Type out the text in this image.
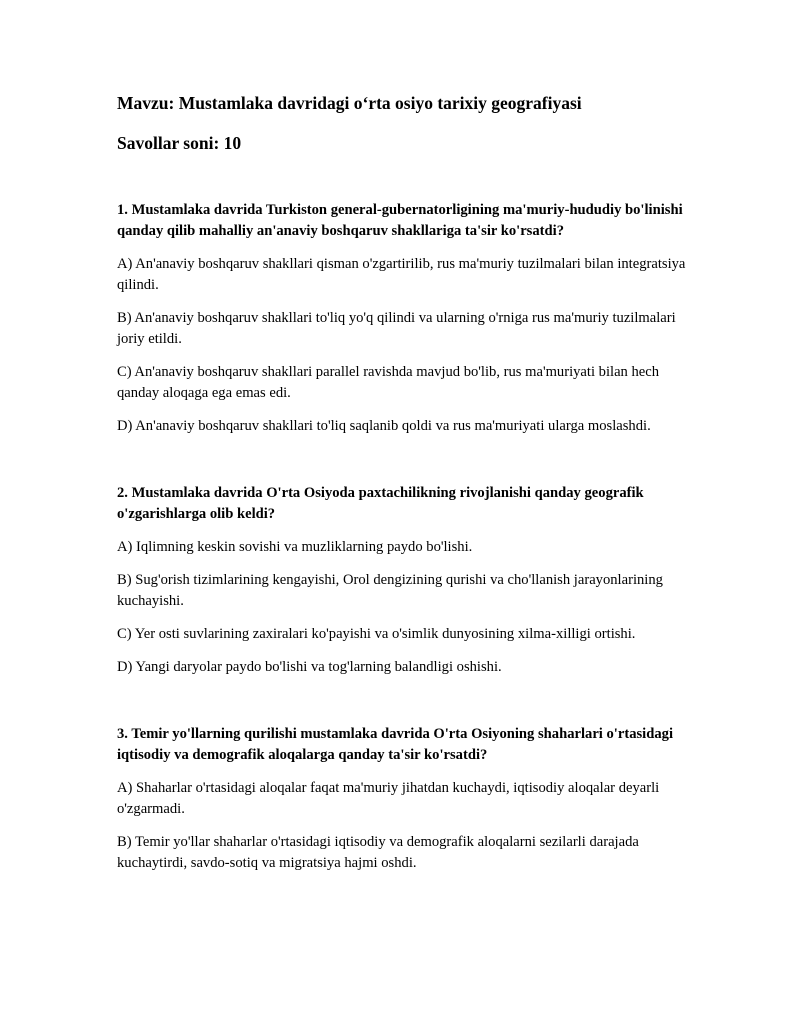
Mavzu: Mustamlaka davridagi o‘rta osiyo tarixiy geografiyasi

Savollar soni: 10

1. Mustamlaka davrida Turkiston general-gubernatorligining ma'muriy-hududiy bo'linishi qanday qilib mahalliy an'anaviy boshqaruv shakllariga ta'sir ko'rsatdi?

A) An'anaviy boshqaruv shakllari qisman o'zgartirilib, rus ma'muriy tuzilmalari bilan integratsiya qilindi.

B) An'anaviy boshqaruv shakllari to'liq yo'q qilindi va ularning o'rniga rus ma'muriy tuzilmalari joriy etildi.

C) An'anaviy boshqaruv shakllari parallel ravishda mavjud bo'lib, rus ma'muriyati bilan hech qanday aloqaga ega emas edi.

D) An'anaviy boshqaruv shakllari to'liq saqlanib qoldi va rus ma'muriyati ularga moslashdi.

2. Mustamlaka davrida O'rta Osiyoda paxtachilikning rivojlanishi qanday geografik o'zgarishlarga olib keldi?

A) Iqlimning keskin sovishi va muzliklarning paydo bo'lishi.

B) Sug'orish tizimlarining kengayishi, Orol dengizining qurishi va cho'llanish jarayonlarining kuchayishi.

C) Yer osti suvlarining zaxiralari ko'payishi va o'simlik dunyosining xilma-xilligi ortishi.

D) Yangi daryolar paydo bo'lishi va tog'larning balandligi oshishi.

3. Temir yo'llarning qurilishi mustamlaka davrida O'rta Osiyoning shaharlari o'rtasidagi iqtisodiy va demografik aloqalarga qanday ta'sir ko'rsatdi?

A) Shaharlar o'rtasidagi aloqalar faqat ma'muriy jihatdan kuchaydi, iqtisodiy aloqalar deyarli o'zgarmadi.

B) Temir yo'llar shaharlar o'rtasidagi iqtisodiy va demografik aloqalarni sezilarli darajada kuchaytirdi, savdo-sotiq va migratsiya hajmi oshdi.
